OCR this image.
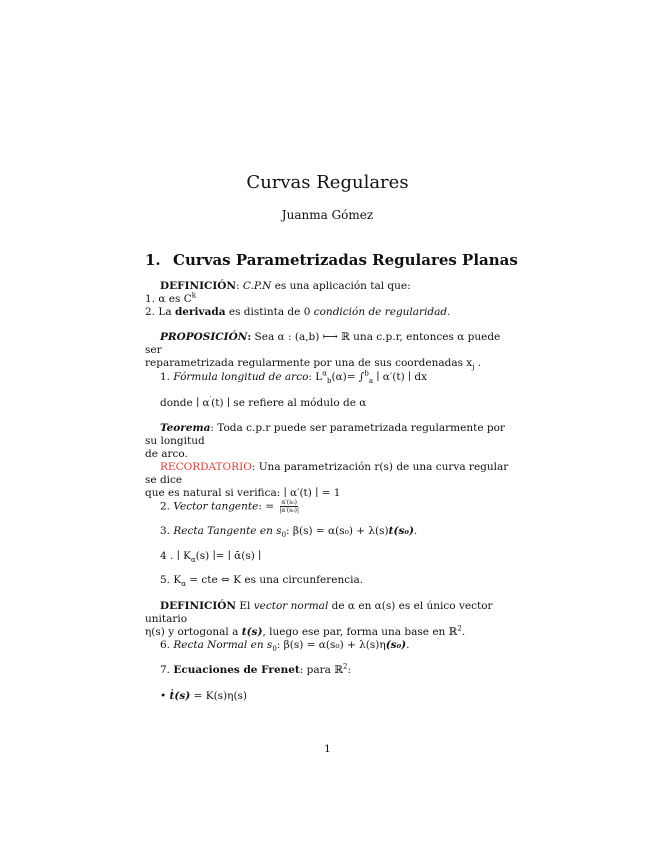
Curvas Regulares
Juanma Gómez
1. Curvas Parametrizadas Regulares Planas
DEFINICIÓN: C.P.N es una aplicación tal que:
1. α es $C^k$
2. La derivada es distinta de 0 condición de regularidad.
PROPOSICIÓN: Sea α : (a,b) ⟼ ℝ una c.p.r, entonces α puede ser
reparametrizada regularmente por una de sus coordenadas $x_j$ .
1. Fórmula longitud de arco: $L^\alpha_b(\alpha)= \int^b_a$ ∣ α′(t) ∣ dx
donde ∣ α′(t) ∣ se refiere al módulo de α
Teorema: Toda c.p.r puede ser parametrizada regularmente por su longitud
de arco.
RECORDATORIO: Una parametrización r(s) de una curva regular se dice
que es natural si verifica: ∣ α′(t) ∣ = 1
2. Vector tangente: = $\frac{\text{α′(s₀)}}{\text{|α′(s₀)|}}$
3. Recta Tangente en $s_0$: β(s) = α(s₀) + λ(s)t(s₀).
4 . ∣ $K_\alpha(s)$ ∣= ∣ ᾱ(s) ∣
5. $K_\alpha$ = cte ⇔ K es una circunferencia.
DEFINICIÓN El vector normal de α en α(s) es el único vector unitario
η(s) y ortogonal a t(s), luego ese par, forma una base en ℝ$^2$.
6. Recta Normal en $s_0$: β(s) = α(s₀) + λ(s)η(s₀).
7. Ecuaciones de Frenet: para ℝ$^2$:
• ṫ(s) = K(s)η(s)
1
